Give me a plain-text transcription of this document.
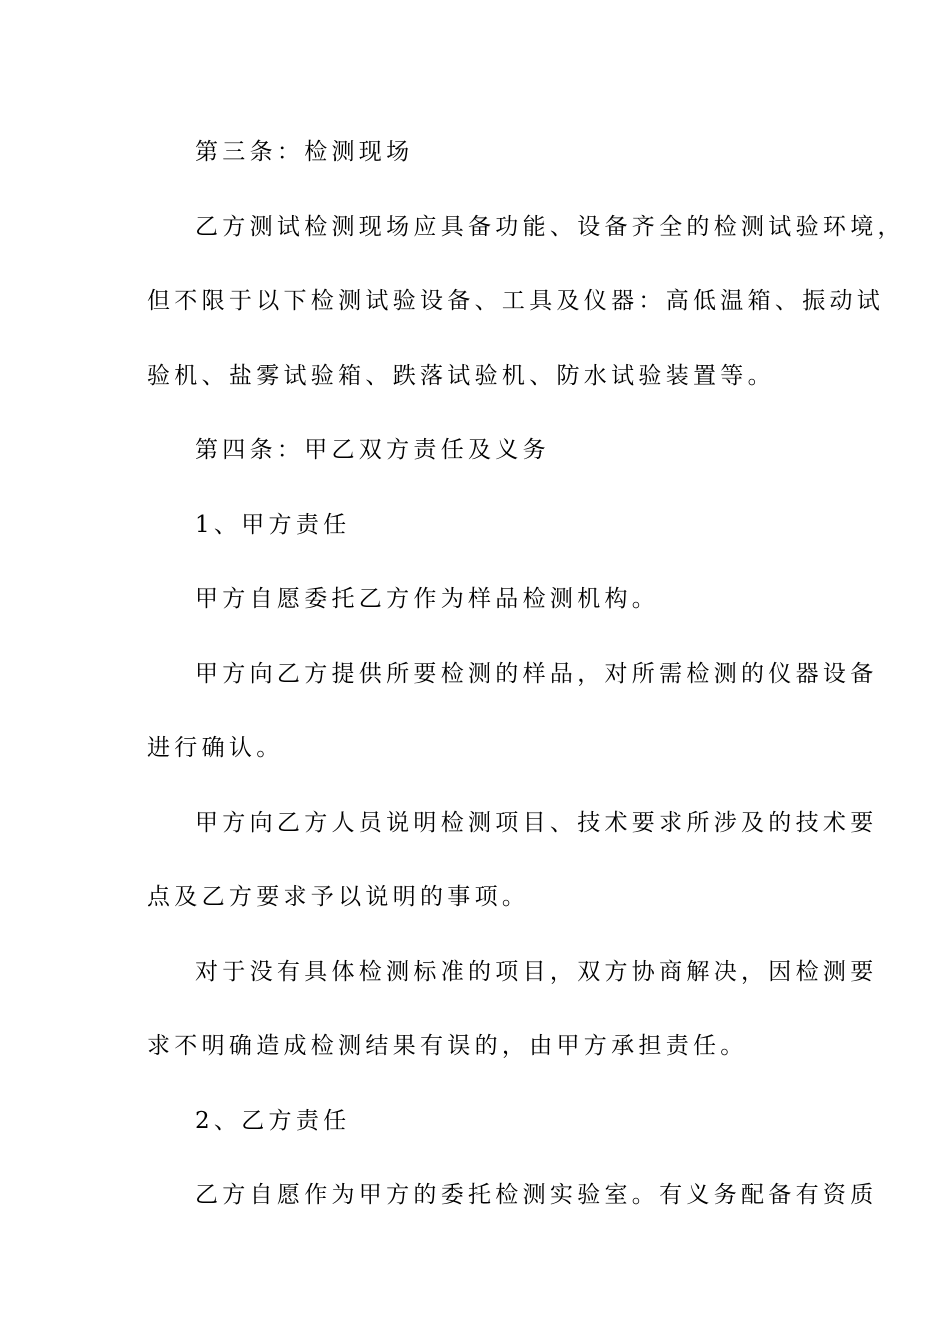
第三条：检测现场
乙方测试检测现场应具备功能、设备齐全的检测试验环境，
但不限于以下检测试验设备、工具及仪器：高低温箱、振动试
验机、盐雾试验箱、跌落试验机、防水试验装置等。
第四条：甲乙双方责任及义务
1、甲方责任
甲方自愿委托乙方作为样品检测机构。
甲方向乙方提供所要检测的样品，对所需检测的仪器设备
进行确认。
甲方向乙方人员说明检测项目、技术要求所涉及的技术要
点及乙方要求予以说明的事项。
对于没有具体检测标准的项目，双方协商解决，因检测要
求不明确造成检测结果有误的，由甲方承担责任。
2、乙方责任
乙方自愿作为甲方的委托检测实验室。有义务配备有资质
